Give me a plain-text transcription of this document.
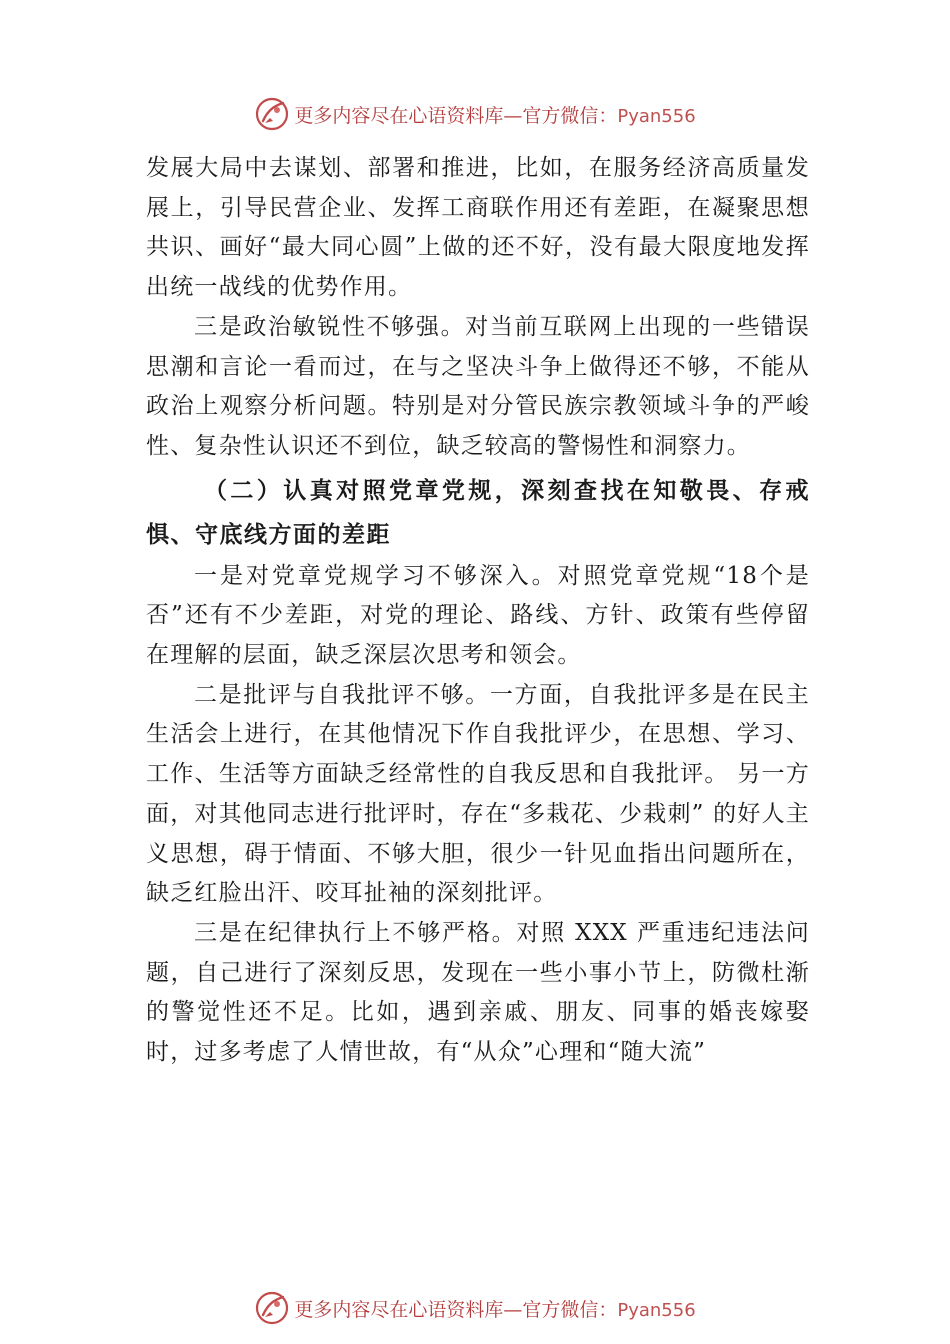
更多内容尽在心语资料库—官方微信：Pyan556

发展大局中去谋划、部署和推进，比如，在服务经济高质量发展上，引导民营企业、发挥工商联作用还有差距，在凝聚思想共识、画好“最大同心圆”上做的还不好，没有最大限度地发挥出统一战线的优势作用。

三是政治敏锐性不够强。对当前互联网上出现的一些错误思潮和言论一看而过，在与之坚决斗争上做得还不够，不能从政治上观察分析问题。特别是对分管民族宗教领域斗争的严峻性、复杂性认识还不到位，缺乏较高的警惕性和洞察力。

（二）认真对照党章党规，深刻查找在知敬畏、存戒惧、守底线方面的差距

一是对党章党规学习不够深入。对照党章党规“18个是否”还有不少差距，对党的理论、路线、方针、政策有些停留在理解的层面，缺乏深层次思考和领会。

二是批评与自我批评不够。一方面，自我批评多是在民主生活会上进行，在其他情况下作自我批评少，在思想、学习、工作、生活等方面缺乏经常性的自我反思和自我批评。 另一方面，对其他同志进行批评时，存在“多栽花、少栽刺” 的好人主义思想，碍于情面、不够大胆，很少一针见血指出问题所在，缺乏红脸出汗、咬耳扯袖的深刻批评。

三是在纪律执行上不够严格。对照 XXX 严重违纪违法问题，自己进行了深刻反思，发现在一些小事小节上，防微杜渐的警觉性还不足。比如，遇到亲戚、朋友、同事的婚丧嫁娶时，过多考虑了人情世故，有“从众”心理和“随大流”

更多内容尽在心语资料库—官方微信：Pyan556
